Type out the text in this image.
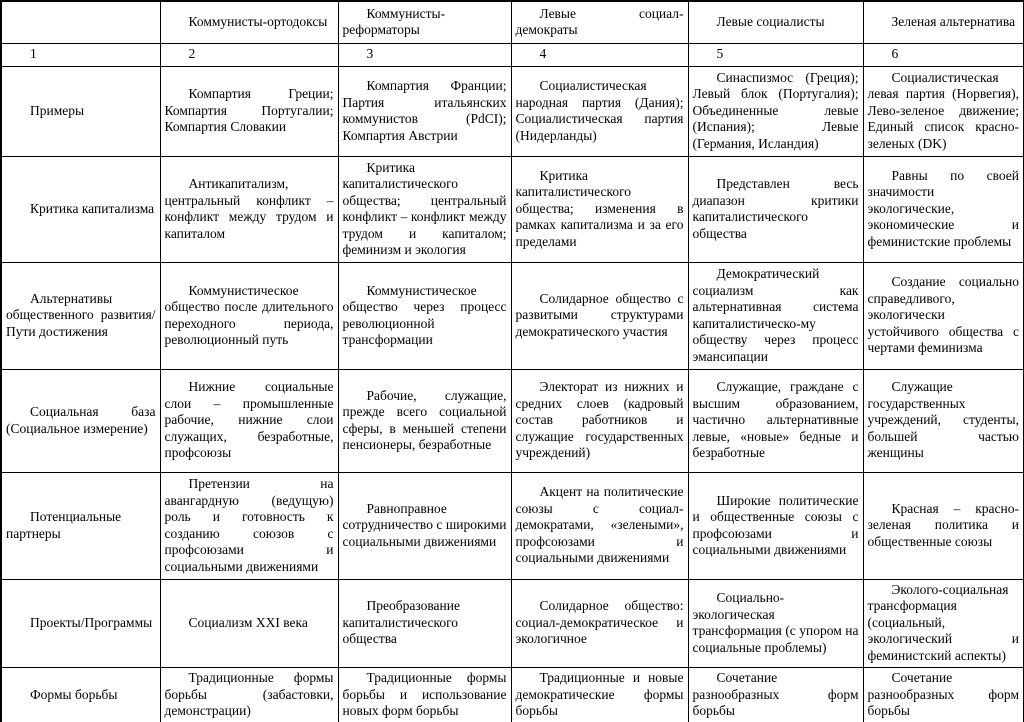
	Коммунисты-ортодоксы	Коммунисты-реформаторы	Левые социал-демократы	Левые социалисты	Зеленая альтернатива
1	2	3	4	5	6
Примеры	Компартия Греции; Компартия Португалии; Компартия Словакии	Компартия Франции; Партия итальянских коммунистов (PdCI); Компартия Австрии	Социалистическая народная партия (Дания); Социалистическая партия (Нидерланды)	Синаспизмос (Греция); Левый блок (Португалия); Объединенные левые (Испания); Левые (Германия, Исландия)	Социалистическая левая партия (Норвегия), Лево-зеленое движение; Единый список красно-зеленых (DK)
Критика капитализма	Антикапитализм, центральный конфликт – конфликт между трудом и капиталом	Критика капиталистического общества; центральный конфликт – конфликт между трудом и капиталом; феминизм и экология	Критика капиталистического общества; изменения в рамках капитализма и за его пределами	Представлен весь диапазон критики капиталистического общества	Равны по своей значимости экологические, экономические и феминистские проблемы
Альтернативы общественного развития/ Пути достижения	Коммунистическое общество после длительного переходного периода, революционный путь	Коммунистическое общество через процесс революционной трансформации	Солидарное общество с развитыми структурами демократического участия	Демократический социализм как альтернативная система капиталистическо-му обществу через процесс эмансипации	Создание социально справедливого, экологически устойчивого общества с чертами феминизма
Социальная база (Социальное измерение)	Нижние социальные слои – промышленные рабочие, нижние слои служащих, безработные, профсоюзы	Рабочие, служащие, прежде всего социальной сферы, в меньшей степени пенсионеры, безработные	Электорат из нижних и средних слоев (кадровый состав работников и служащие государственных учреждений)	Служащие, граждане с высшим образованием, частично альтернативные левые, «новые» бедные и безработные	Служащие государственных учреждений, студенты, большей частью женщины
Потенциальные партнеры	Претензии на авангардную (ведущую) роль и готовность к созданию союзов с профсоюзами и социальными движениями	Равноправное сотрудничество с широкими социальными движениями	Акцент на политические союзы с социал-демократами, «зелеными», профсоюзами и социальными движениями	Широкие политические и общественные союзы с профсоюзами и социальными движениями	Красная – красно-зеленая политика и общественные союзы
Проекты/Программы	Социализм XXI века	Преобразование капиталистического общества	Солидарное общество: социал-демократическое и экологичное	Социально-экологическая трансформация (с упором на социальные проблемы)	Эколого-социальная трансформация (социальный, экологический и феминистский аспекты)
Формы борьбы	Традиционные формы борьбы (забастовки, демонстрации)	Традиционные формы борьбы и использование новых форм борьбы	Традиционные и новые демократические формы борьбы	Сочетание разнообразных форм борьбы	Сочетание разнообразных форм борьбы
